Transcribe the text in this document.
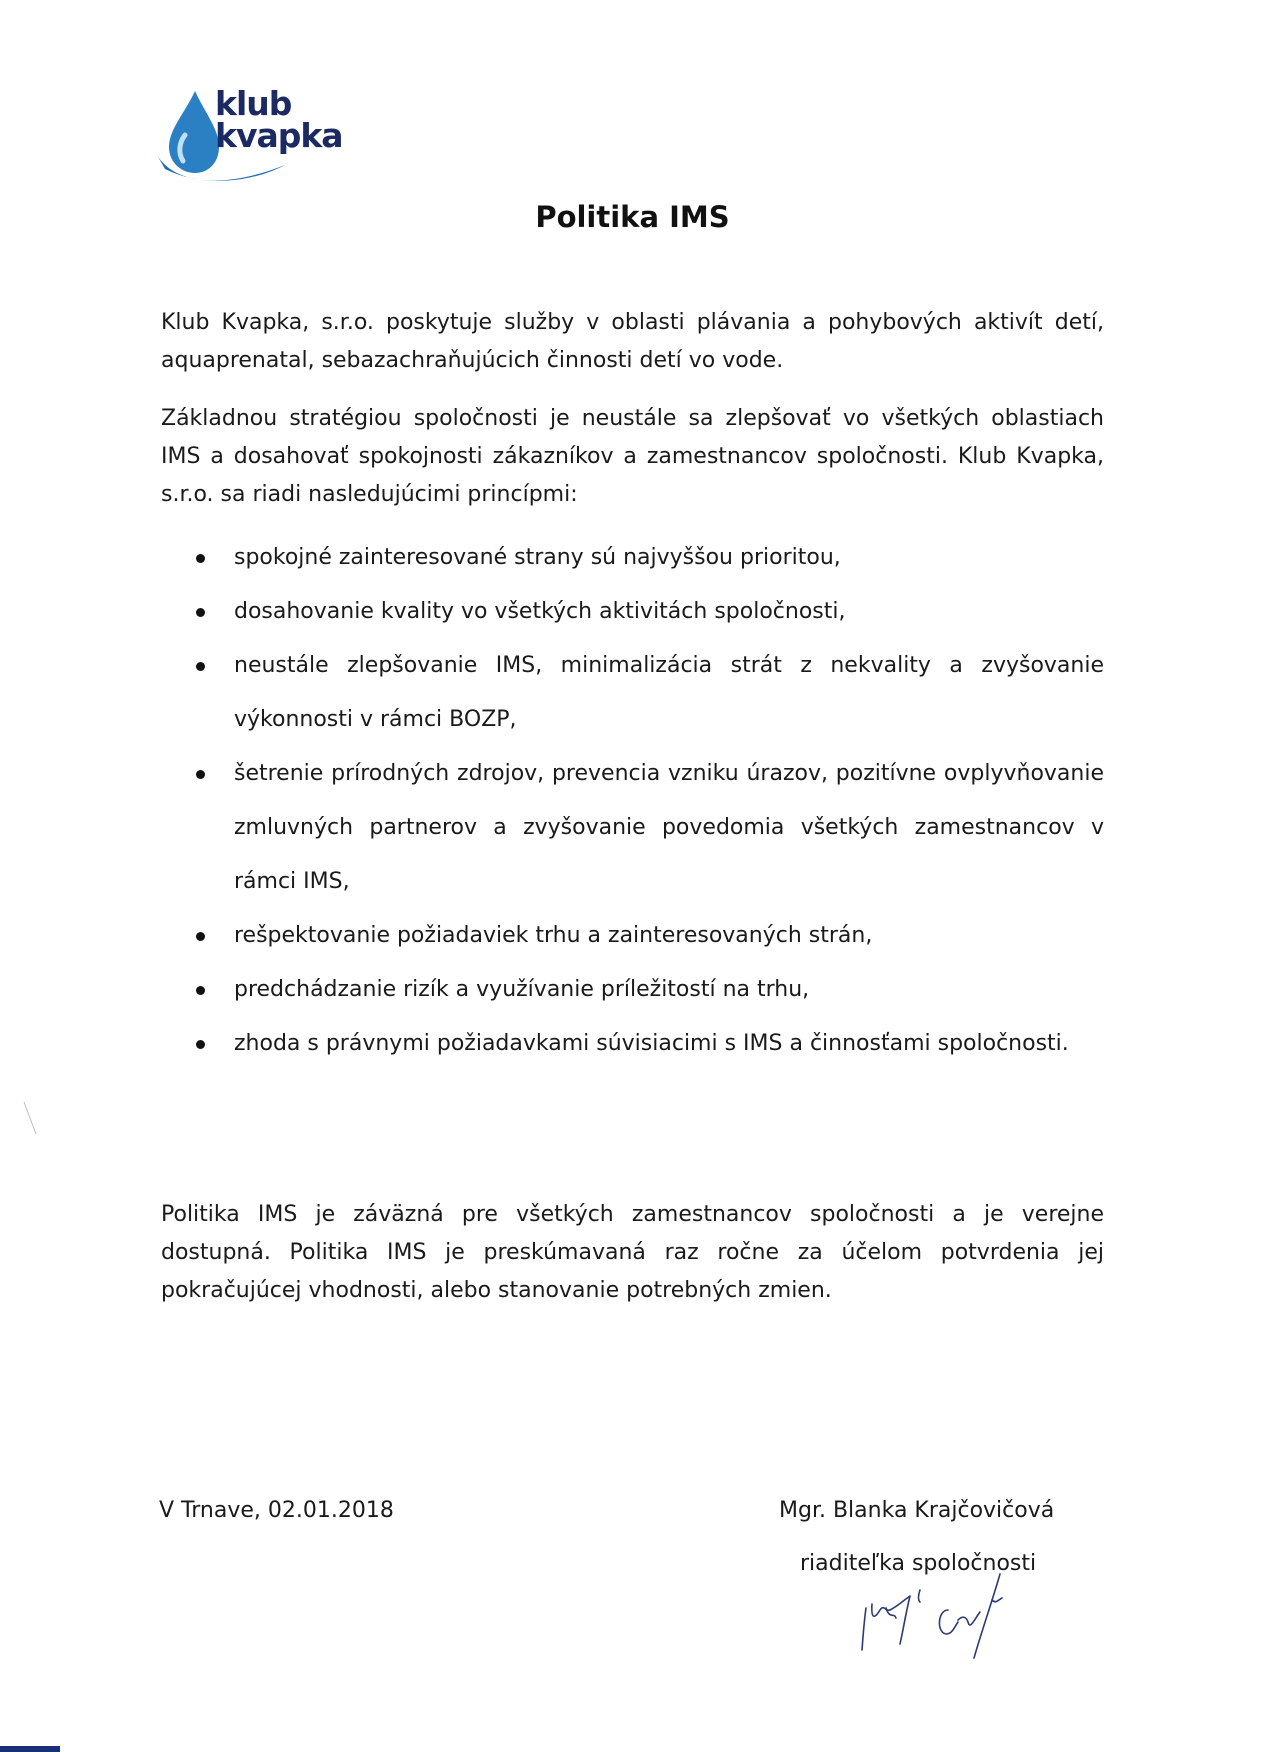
klub
kvapka
Politika IMS
Klub Kvapka, s.r.o. poskytuje služby v oblasti plávania a pohybových aktivít detí, aquaprenatal, sebazachraňujúcich činnosti detí vo vode.
Základnou stratégiou spoločnosti je neustále sa zlepšovať vo všetkých oblastiach IMS a dosahovať spokojnosti zákazníkov a zamestnancov spoločnosti. Klub Kvapka, s.r.o. sa riadi nasledujúcimi princípmi:
spokojné zainteresované strany sú najvyššou prioritou,
dosahovanie kvality vo všetkých aktivitách spoločnosti,
neustále zlepšovanie IMS, minimalizácia strát z nekvality a zvyšovanie výkonnosti v rámci BOZP,
šetrenie prírodných zdrojov, prevencia vzniku úrazov, pozitívne ovplyvňovanie zmluvných partnerov a zvyšovanie povedomia všetkých zamestnancov v rámci IMS,
rešpektovanie požiadaviek trhu a zainteresovaných strán,
predchádzanie rizík a využívanie príležitostí na trhu,
zhoda s právnymi požiadavkami súvisiacimi s IMS a činnosťami spoločnosti.
Politika IMS je záväzná pre všetkých zamestnancov spoločnosti a je verejne dostupná. Politika IMS je preskúmavaná raz ročne za účelom potvrdenia jej pokračujúcej vhodnosti, alebo stanovanie potrebných zmien.
V Trnave, 02.01.2018	Mgr. Blanka Krajčovičová
riaditeľka spoločnosti
